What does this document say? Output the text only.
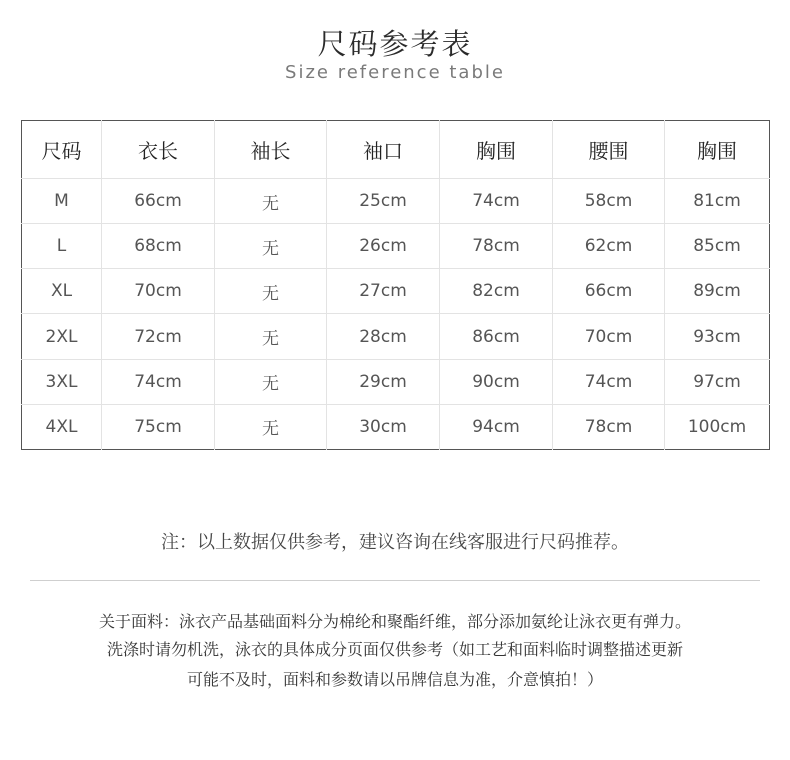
尺码参考表
Size reference table
尺码	衣长	袖长	袖口	胸围	腰围	胸围
M	66cm	无	25cm	74cm	58cm	81cm
L	68cm	无	26cm	78cm	62cm	85cm
XL	70cm	无	27cm	82cm	66cm	89cm
2XL	72cm	无	28cm	86cm	70cm	93cm
3XL	74cm	无	29cm	90cm	74cm	97cm
4XL	75cm	无	30cm	94cm	78cm	100cm
注：以上数据仅供参考，建议咨询在线客服进行尺码推荐。
关于面料：泳衣产品基础面料分为棉纶和聚酯纤维，部分添加氨纶让泳衣更有弹力。
洗涤时请勿机洗，泳衣的具体成分页面仅供参考（如工艺和面料临时调整描述更新
可能不及时，面料和参数请以吊牌信息为准，介意慎拍！）
